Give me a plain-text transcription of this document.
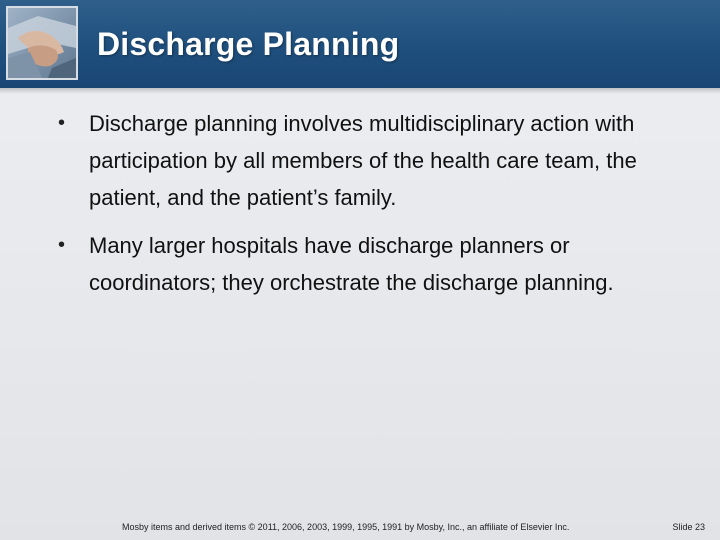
Discharge Planning
• Discharge planning involves multidisciplinary action with participation by all members of the health care team, the patient, and the patient’s family.
• Many larger hospitals have discharge planners or coordinators; they orchestrate the discharge planning.
Mosby items and derived items © 2011, 2006, 2003, 1999, 1995, 1991 by Mosby, Inc., an affiliate of Elsevier Inc.	Slide 23
